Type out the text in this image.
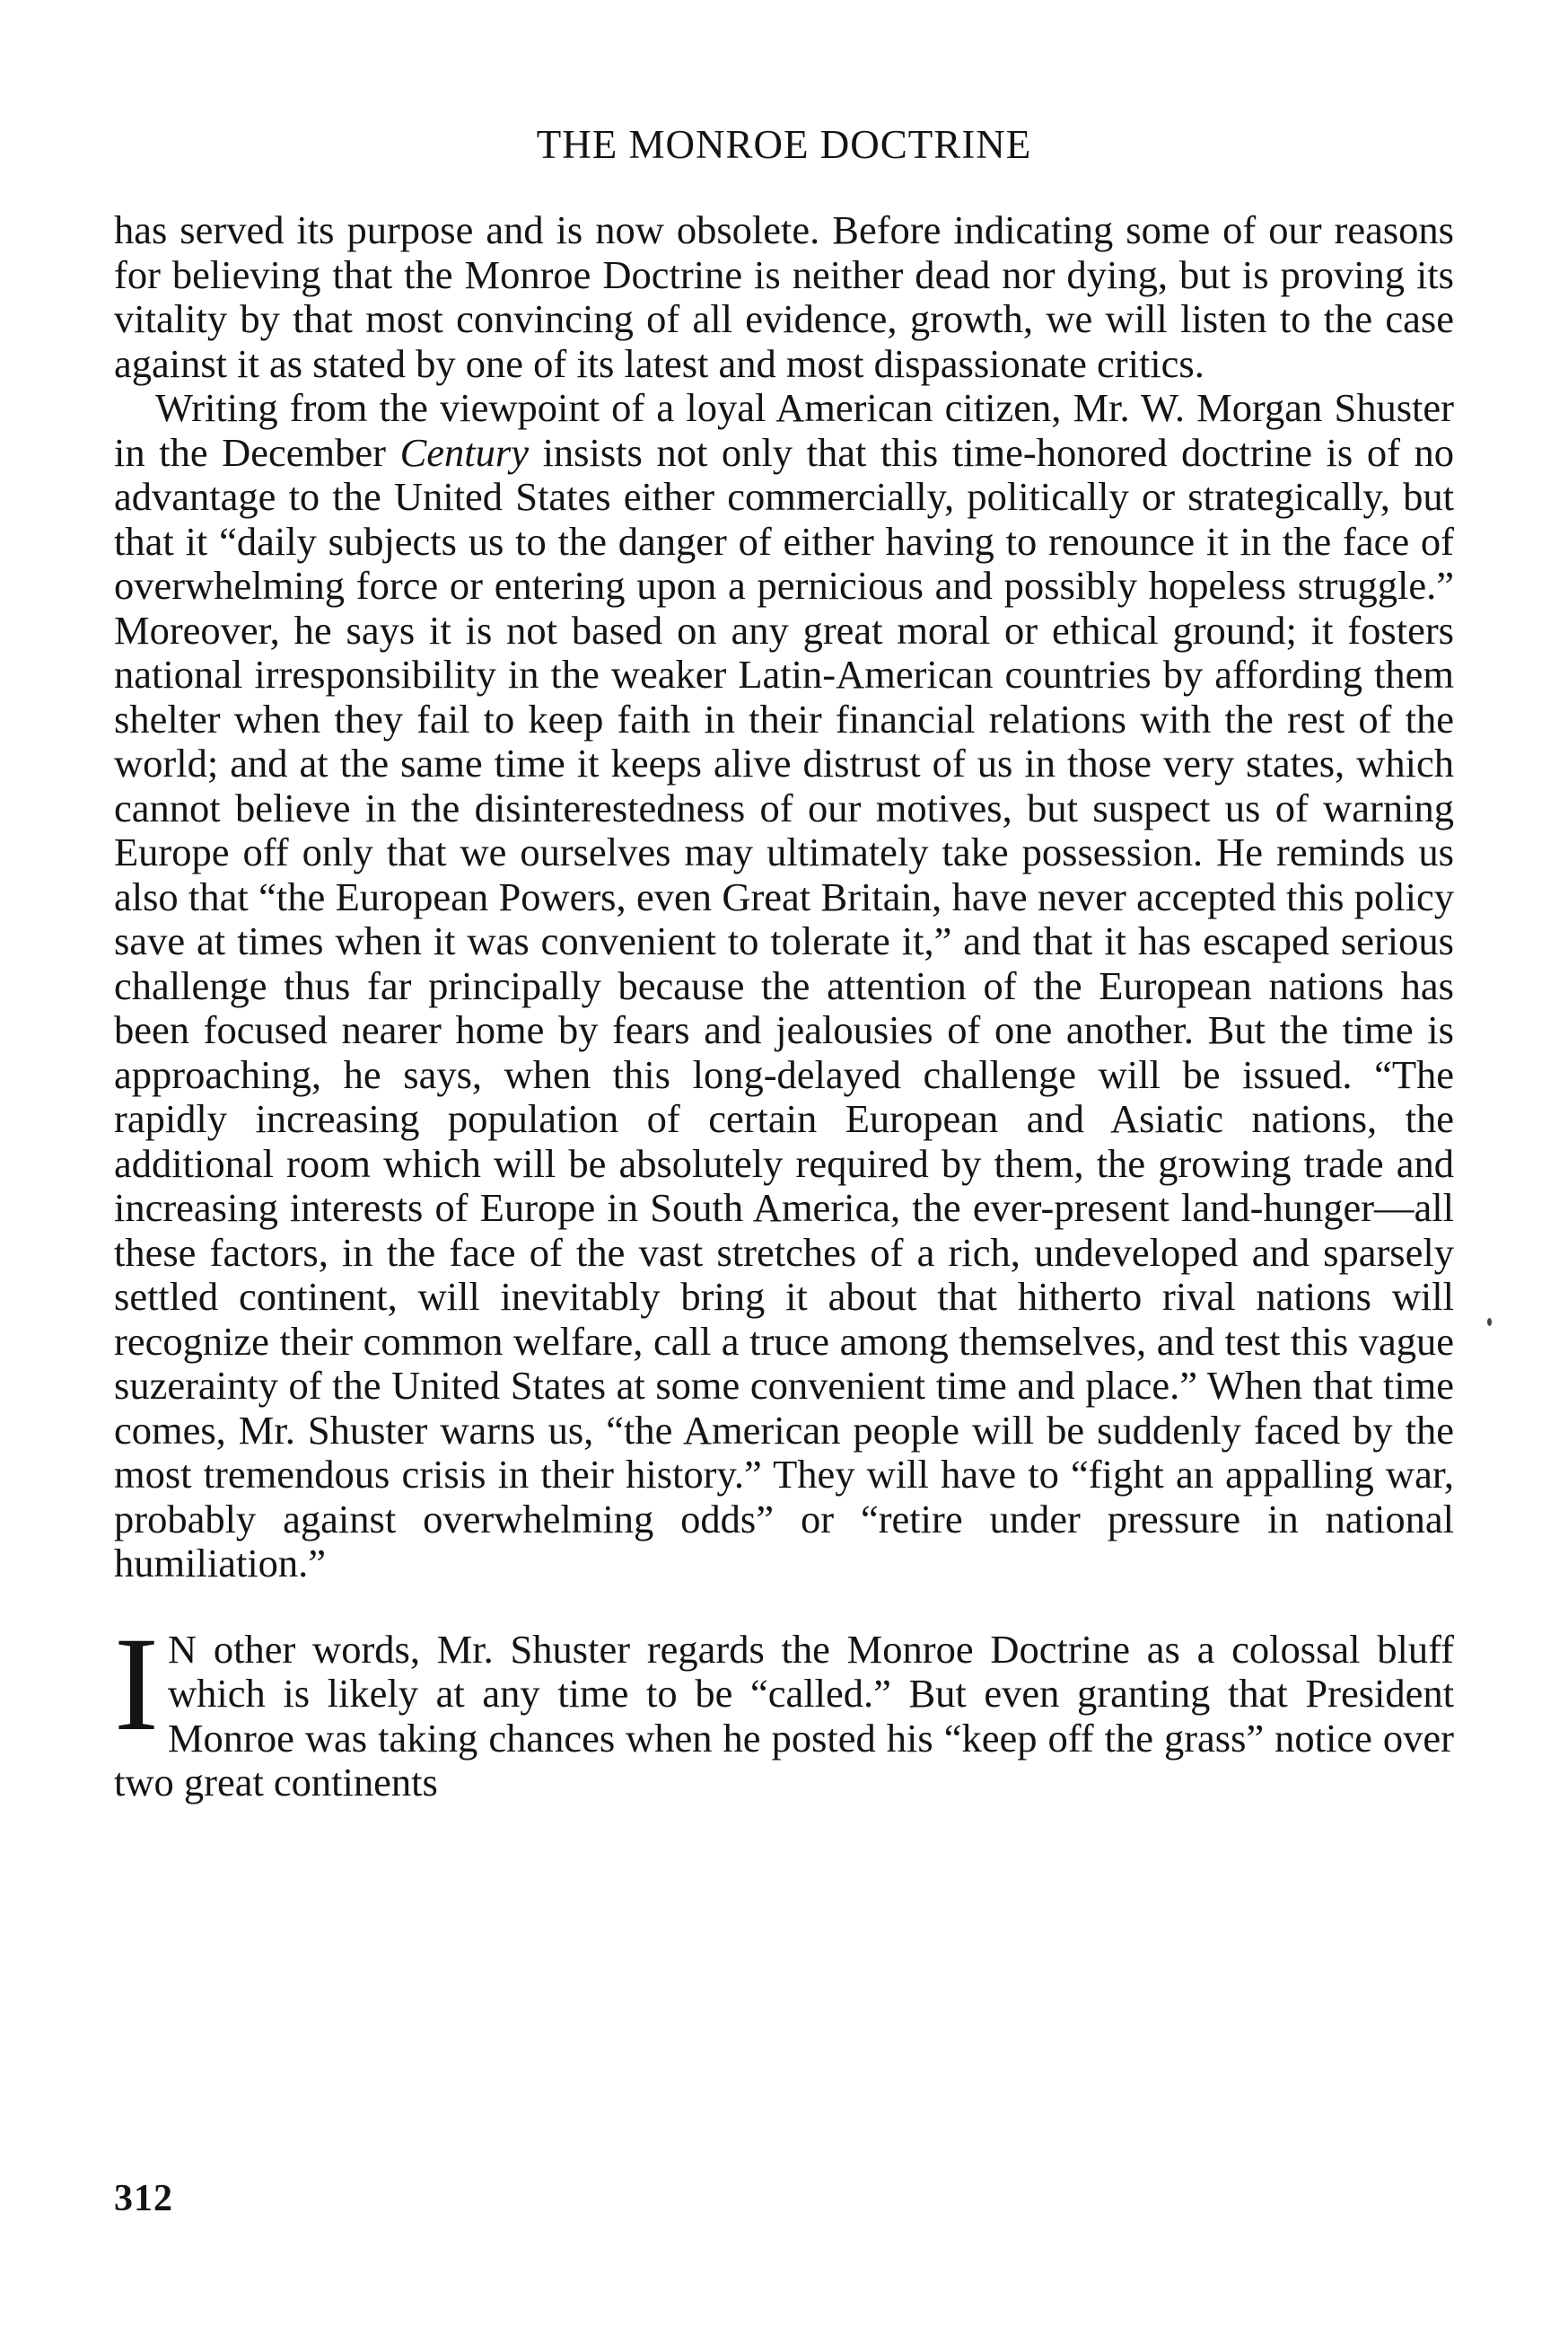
THE MONROE DOCTRINE

has served its purpose and is now obsolete. Before indicating some of our reasons for believing that the Monroe Doctrine is neither dead nor dying, but is proving its vitality by that most convincing of all evidence, growth, we will listen to the case against it as stated by one of its latest and most dispassionate critics.

Writing from the viewpoint of a loyal American citizen, Mr. W. Morgan Shuster in the December Century insists not only that this time-honored doctrine is of no advantage to the United States either commercially, politically or strategically, but that it “daily subjects us to the danger of either having to renounce it in the face of overwhelming force or entering upon a pernicious and possibly hopeless struggle.” Moreover, he says it is not based on any great moral or ethical ground; it fosters national irresponsibility in the weaker Latin-American countries by affording them shelter when they fail to keep faith in their financial relations with the rest of the world; and at the same time it keeps alive distrust of us in those very states, which cannot believe in the disinterestedness of our motives, but suspect us of warning Europe off only that we ourselves may ultimately take possession. He reminds us also that “the European Powers, even Great Britain, have never accepted this policy save at times when it was convenient to tolerate it,” and that it has escaped serious challenge thus far principally because the attention of the European nations has been focused nearer home by fears and jealousies of one another. But the time is approaching, he says, when this long-delayed challenge will be issued. “The rapidly increasing population of certain European and Asiatic nations, the additional room which will be absolutely required by them, the growing trade and increasing interests of Europe in South America, the ever-present land-hunger—all these factors, in the face of the vast stretches of a rich, undeveloped and sparsely settled continent, will inevitably bring it about that hitherto rival nations will recognize their common welfare, call a truce among themselves, and test this vague suzerainty of the United States at some convenient time and place.” When that time comes, Mr. Shuster warns us, “the American people will be suddenly faced by the most tremendous crisis in their history.” They will have to “fight an appalling war, probably against overwhelming odds” or “retire under pressure in national humiliation.”

I N other words, Mr. Shuster regards the Monroe Doctrine as a colossal bluff which is likely at any time to be “called.” But even granting that President Monroe was taking chances when he posted his “keep off the grass” notice over two great continents

312
